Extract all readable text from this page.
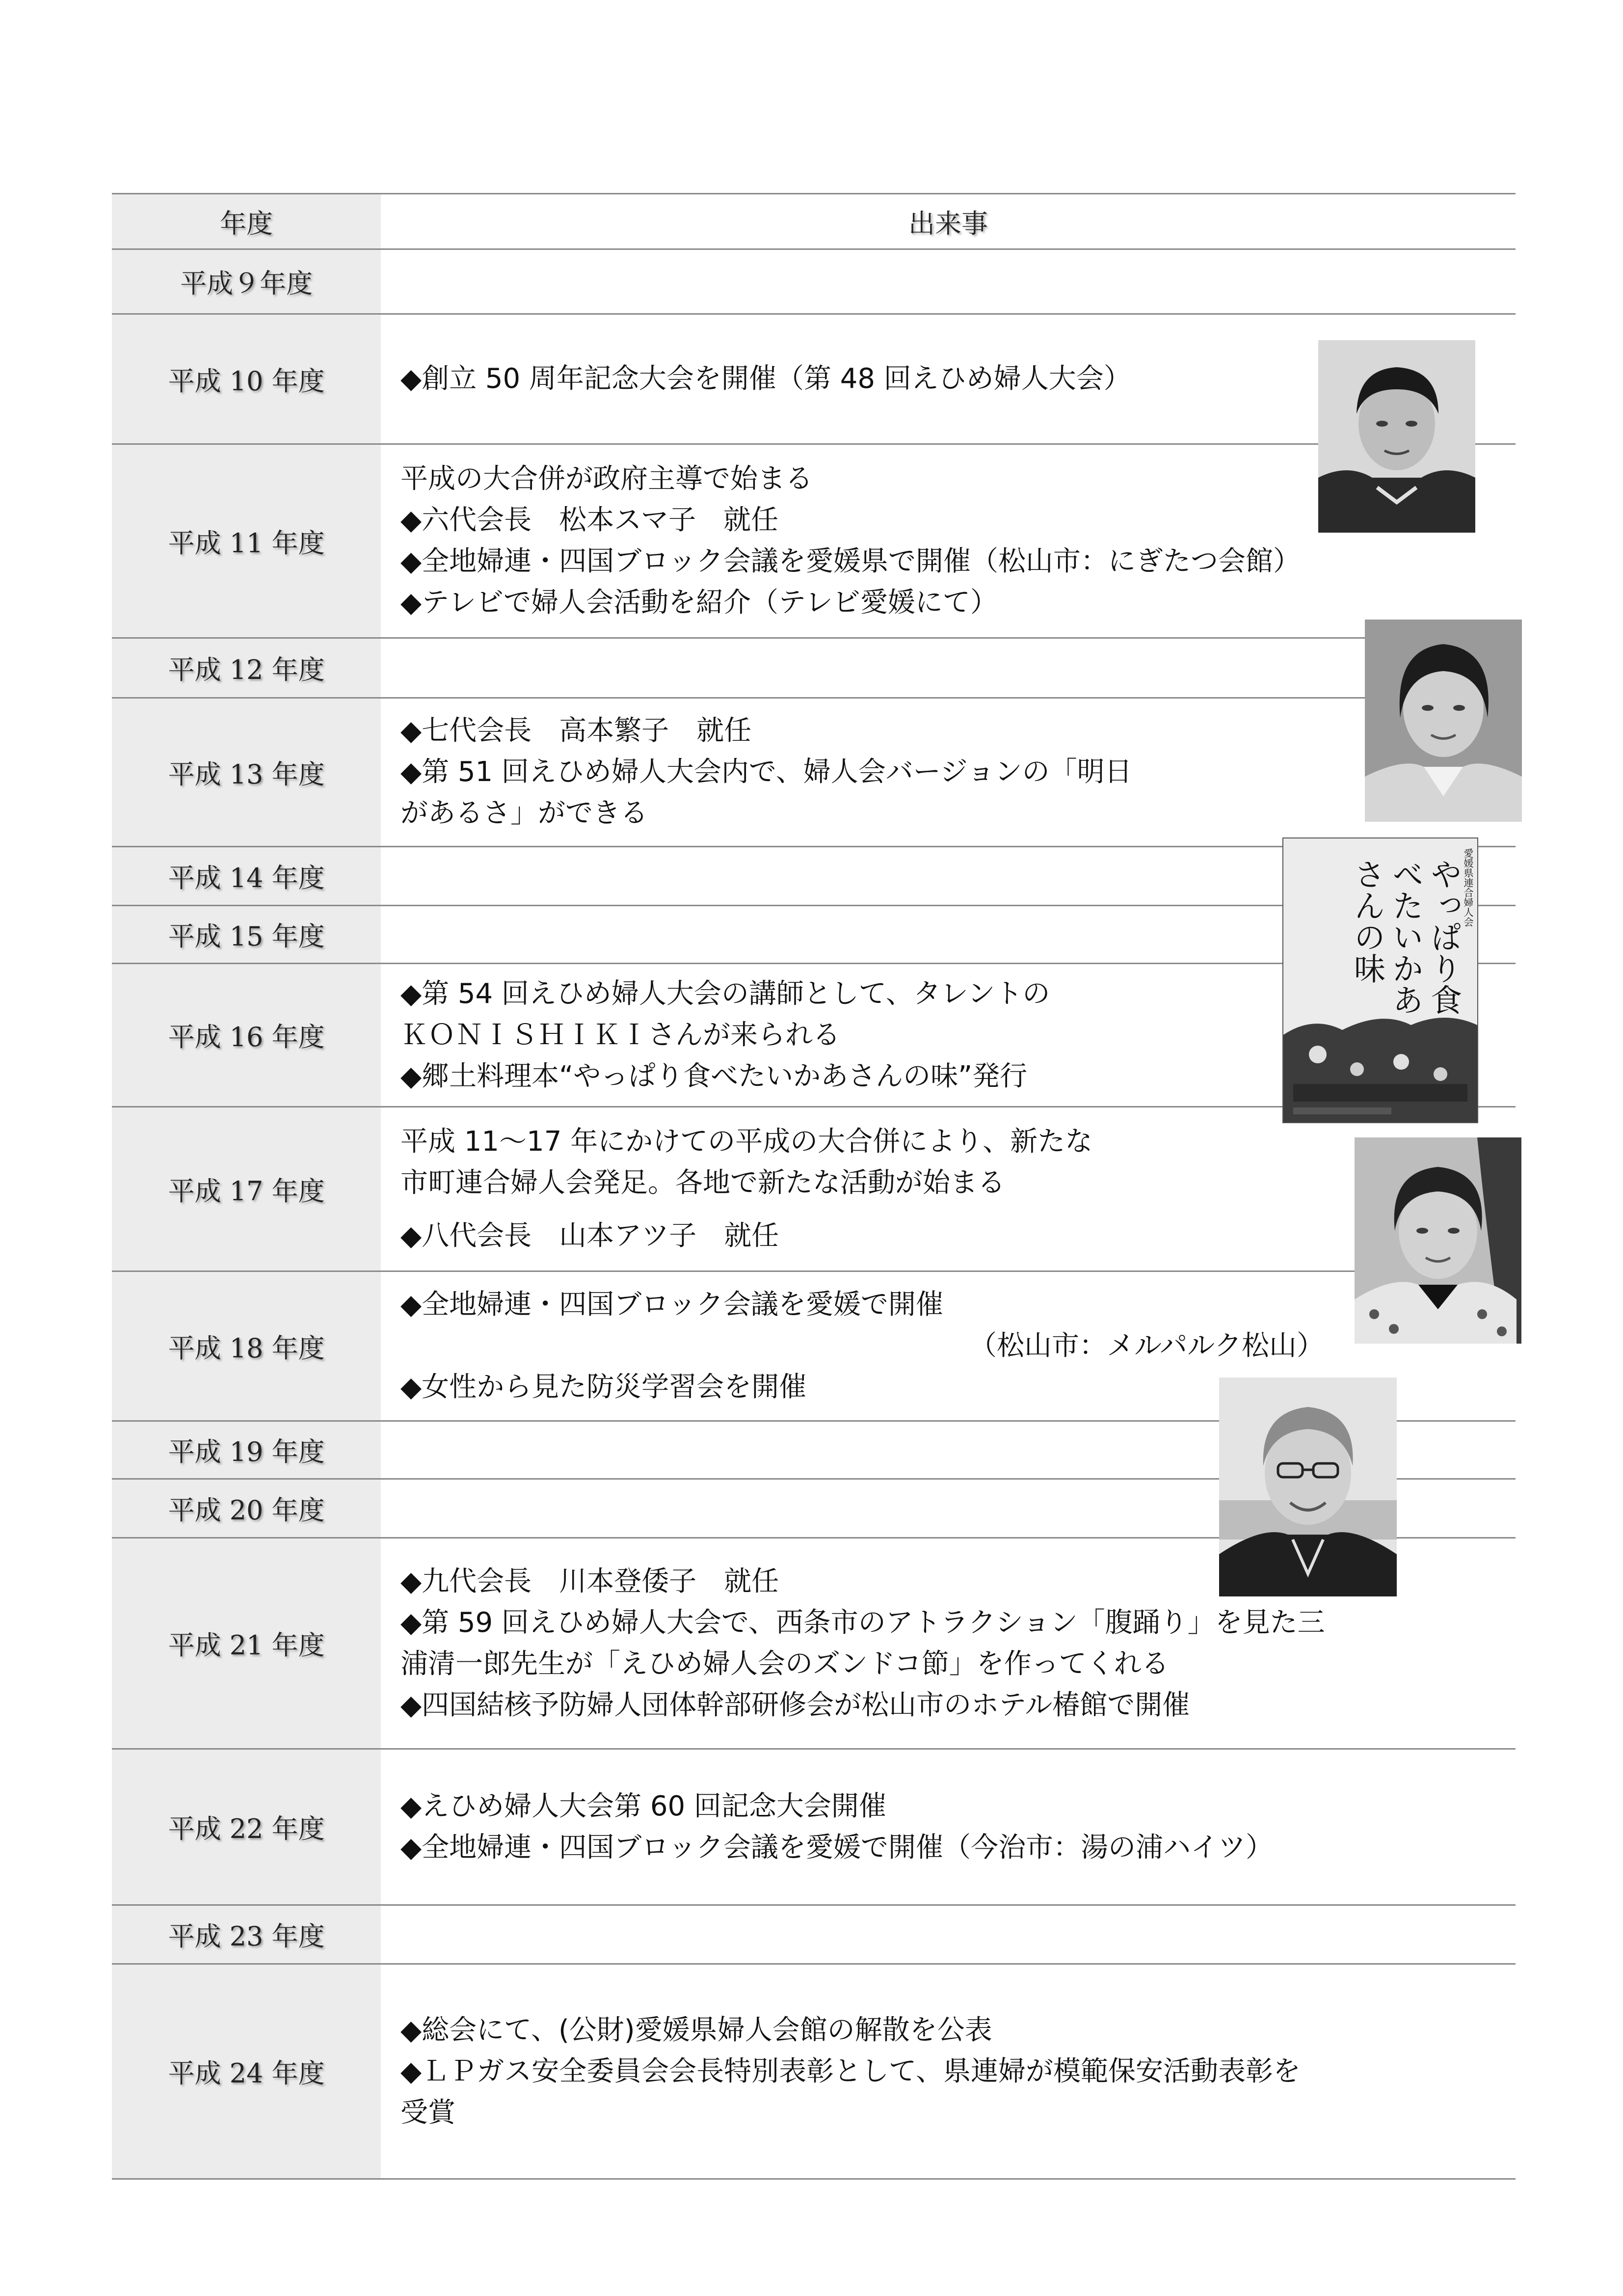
年度	出来事
平成９年度	
平成 10 年度	◆創立 50 周年記念大会を開催（第 48 回えひめ婦人大会）

平成 11 年度	平成の大合併が政府主導で始まる
◆六代会長　松本スマ子　就任
◆全地婦連・四国ブロック会議を愛媛県で開催（松山市：にぎたつ会館）
◆テレビで婦人会活動を紹介（テレビ愛媛にて）

平成 12 年度	
平成 13 年度	◆七代会長　高本繁子　就任
◆第 51 回えひめ婦人大会内で、婦人会バージョンの「明日
があるさ」ができる

平成 14 年度	
平成 15 年度	
平成 16 年度	◆第 54 回えひめ婦人大会の講師として、タレントの
ＫＯＮＩＳＨＩＫＩさんが来られる
◆郷土料理本“やっぱり食べたいかあさんの味”発行

平成 17 年度	平成 11～17 年にかけての平成の大合併により、新たな
市町連合婦人会発足。各地で新たな活動が始まる
◆八代会長　山本アツ子　就任

平成 18 年度	◆全地婦連・四国ブロック会議を愛媛で開催
（松山市：メルパルク松山）
◆女性から見た防災学習会を開催

平成 19 年度	
平成 20 年度	
平成 21 年度	◆九代会長　川本登倭子　就任
◆第 59 回えひめ婦人大会で、西条市のアトラクション「腹踊り」を見た三
浦清一郎先生が「えひめ婦人会のズンドコ節」を作ってくれる
◆四国結核予防婦人団体幹部研修会が松山市のホテル椿館で開催

平成 22 年度	◆えひめ婦人大会第 60 回記念大会開催
◆全地婦連・四国ブロック会議を愛媛で開催（今治市：湯の浦ハイツ）

平成 23 年度	
平成 24 年度	◆総会にて、(公財)愛媛県婦人会館の解散を公表
◆ＬＰガス安全委員会会長特別表彰として、県連婦が模範保安活動表彰を
受賞
やっぱり食べたいかあさんの味	愛媛県連合婦人会
